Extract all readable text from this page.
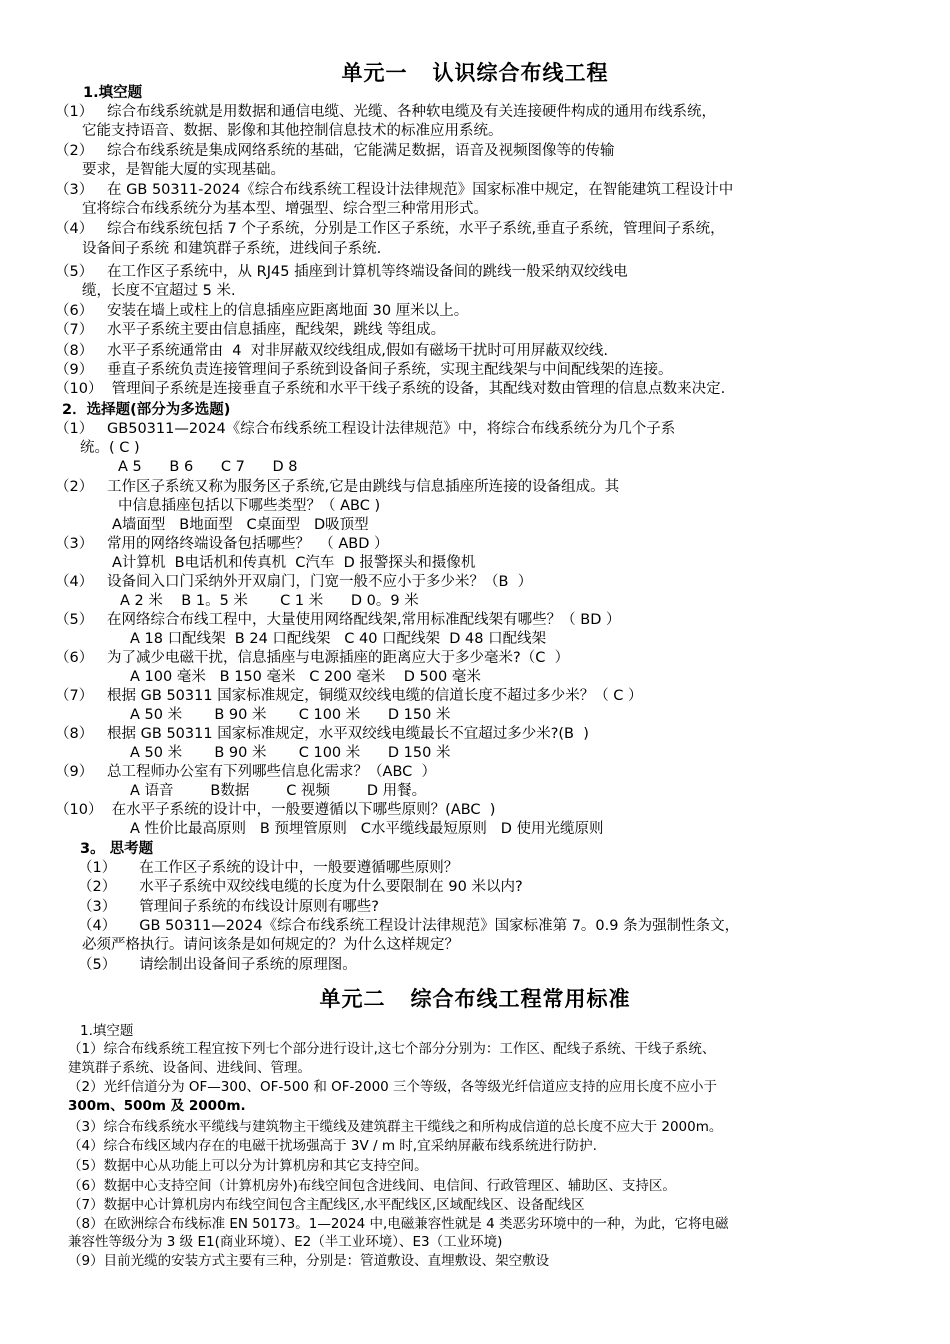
单元一   认识综合布线工程
1.填空题
（1）   综合布线系统就是用数据和通信电缆、光缆、各种软电缆及有关连接硬件构成的通用布线系统，
它能支持语音、数据、影像和其他控制信息技术的标准应用系统。
（2）   综合布线系统是集成网络系统的基础，它能满足数据，语音及视频图像等的传输
要求，是智能大厦的实现基础。
（3）   在 GB 50311-2024《综合布线系统工程设计法律规范》国家标准中规定，在智能建筑工程设计中
宜将综合布线系统分为基本型、增强型、综合型三种常用形式。
（4）   综合布线系统包括 7 个子系统，分别是工作区子系统，水平子系统,垂直子系统，管理间子系统，
设备间子系统 和建筑群子系统，进线间子系统.
（5）   在工作区子系统中，从 RJ45 插座到计算机等终端设备间的跳线一般采纳双绞线电
缆，长度不宜超过 5 米.
（6）   安装在墙上或柱上的信息插座应距离地面 30 厘米以上。
（7）   水平子系统主要由信息插座，配线架，跳线 等组成。
（8）   水平子系统通常由  4  对非屏蔽双绞线组成,假如有磁场干扰时可用屏蔽双绞线.
（9）   垂直子系统负责连接管理间子系统到设备间子系统，实现主配线架与中间配线架的连接。
（10）  管理间子系统是连接垂直子系统和水平干线子系统的设备，其配线对数由管理的信息点数来决定.
2．选择题(部分为多选题)
（1）   GB50311—2024《综合布线系统工程设计法律规范》中，将综合布线系统分为几个子系
统。( C )
A 5      B 6      C 7      D 8
（2）   工作区子系统又称为服务区子系统,它是由跳线与信息插座所连接的设备组成。其
中信息插座包括以下哪些类型？（ ABC )
A墙面型   B地面型   C桌面型   D吸顶型
（3）   常用的网络终端设备包括哪些？  （ ABD ）
A计算机  B电话机和传真机  C汽车  D 报警探头和摄像机
（4）   设备间入口门采纳外开双扇门，门宽一般不应小于多少米？（B  ）
A 2 米    B 1。5 米       C 1 米      D 0。9 米
（5）   在网络综合布线工程中，大量使用网络配线架,常用标准配线架有哪些？（ BD ）
A 18 口配线架  B 24 口配线架   C 40 口配线架  D 48 口配线架
（6）   为了减少电磁干扰，信息插座与电源插座的距离应大于多少毫米?（C  ）
A 100 毫米   B 150 毫米   C 200 毫米    D 500 毫米
（7）   根据 GB 50311 国家标准规定，铜缆双绞线电缆的信道长度不超过多少米？（ C ）
A 50 米       B 90 米       C 100 米      D 150 米
（8）   根据 GB 50311 国家标准规定，水平双绞线电缆最长不宜超过多少米?(B  )
A 50 米       B 90 米       C 100 米      D 150 米
（9）   总工程师办公室有下列哪些信息化需求？（ABC  ）
A 语音        B数据        C 视频        D 用餐。
（10）  在水平子系统的设计中，一般要遵循以下哪些原则？(ABC  )
A 性价比最高原则   B 预埋管原则   C水平缆线最短原则   D 使用光缆原则
3。 思考题
（1）     在工作区子系统的设计中，一般要遵循哪些原则？
（2）     水平子系统中双绞线电缆的长度为什么要限制在 90 米以内?
（3）     管理间子系统的布线设计原则有哪些?
（4）     GB 50311—2024《综合布线系统工程设计法律规范》国家标准第 7。0.9 条为强制性条文，
必须严格执行。请问该条是如何规定的？为什么这样规定？
（5）     请绘制出设备间子系统的原理图。
单元二   综合布线工程常用标准
1.填空题
（1）综合布线系统工程宜按下列七个部分进行设计,这七个部分分别为：工作区、配线子系统、干线子系统、
建筑群子系统、设备间、进线间、管理。
（2）光纤信道分为 OF—300、OF-500 和 OF-2000 三个等级，各等级光纤信道应支持的应用长度不应小于
300m、500m 及 2000m.
（3）综合布线系统水平缆线与建筑物主干缆线及建筑群主干缆线之和所构成信道的总长度不应大于 2000m。
（4）综合布线区域内存在的电磁干扰场强高于 3V / m 时,宜采纳屏蔽布线系统进行防护.
（5）数据中心从功能上可以分为计算机房和其它支持空间。
（6）数据中心支持空间（计算机房外)布线空间包含进线间、电信间、行政管理区、辅助区、支持区。
（7）数据中心计算机房内布线空间包含主配线区,水平配线区,区域配线区、设备配线区
（8）在欧洲综合布线标准 EN 50173。1—2024 中,电磁兼容性就是 4 类恶劣环境中的一种，为此，它将电磁
兼容性等级分为 3 级 E1(商业环境）、E2（半工业环境）、E3（工业环境)
（9）目前光缆的安装方式主要有三种，分别是：管道敷设、直埋敷设、架空敷设
